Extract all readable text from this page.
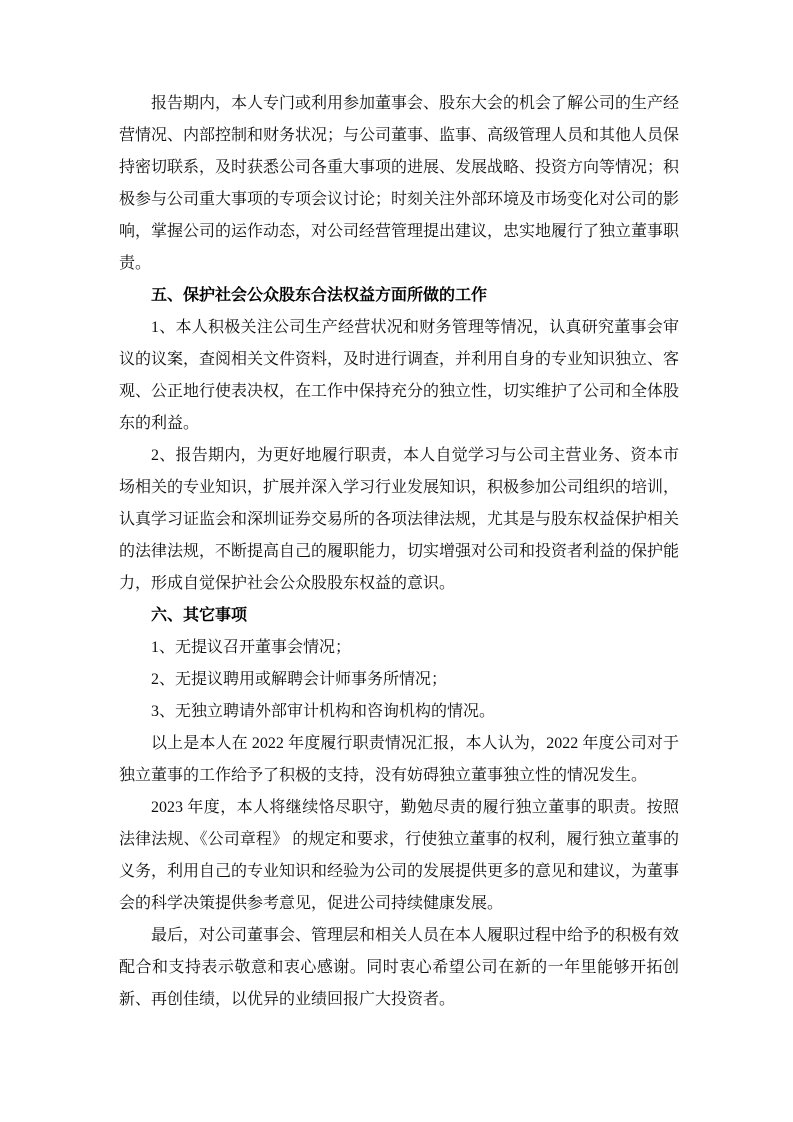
报告期内，本人专门或利用参加董事会、股东大会的机会了解公司的生产经营情况、内部控制和财务状况；与公司董事、监事、高级管理人员和其他人员保持密切联系，及时获悉公司各重大事项的进展、发展战略、投资方向等情况；积极参与公司重大事项的专项会议讨论；时刻关注外部环境及市场变化对公司的影响，掌握公司的运作动态，对公司经营管理提出建议，忠实地履行了独立董事职责。

五、保护社会公众股东合法权益方面所做的工作

1、本人积极关注公司生产经营状况和财务管理等情况，认真研究董事会审议的议案，查阅相关文件资料，及时进行调查，并利用自身的专业知识独立、客观、公正地行使表决权，在工作中保持充分的独立性，切实维护了公司和全体股东的利益。

2、报告期内，为更好地履行职责，本人自觉学习与公司主营业务、资本市场相关的专业知识，扩展并深入学习行业发展知识，积极参加公司组织的培训，认真学习证监会和深圳证券交易所的各项法律法规，尤其是与股东权益保护相关的法律法规，不断提高自己的履职能力，切实增强对公司和投资者利益的保护能力，形成自觉保护社会公众股股东权益的意识。

六、其它事项

1、无提议召开董事会情况；

2、无提议聘用或解聘会计师事务所情况；

3、无独立聘请外部审计机构和咨询机构的情况。

以上是本人在 2022 年度履行职责情况汇报，本人认为，2022 年度公司对于独立董事的工作给予了积极的支持，没有妨碍独立董事独立性的情况发生。

2023 年度，本人将继续恪尽职守，勤勉尽责的履行独立董事的职责。按照法律法规、《公司章程》 的规定和要求，行使独立董事的权利，履行独立董事的义务，利用自己的专业知识和经验为公司的发展提供更多的意见和建议，为董事会的科学决策提供参考意见，促进公司持续健康发展。

最后，对公司董事会、管理层和相关人员在本人履职过程中给予的积极有效配合和支持表示敬意和衷心感谢。同时衷心希望公司在新的一年里能够开拓创新、再创佳绩，以优异的业绩回报广大投资者。
